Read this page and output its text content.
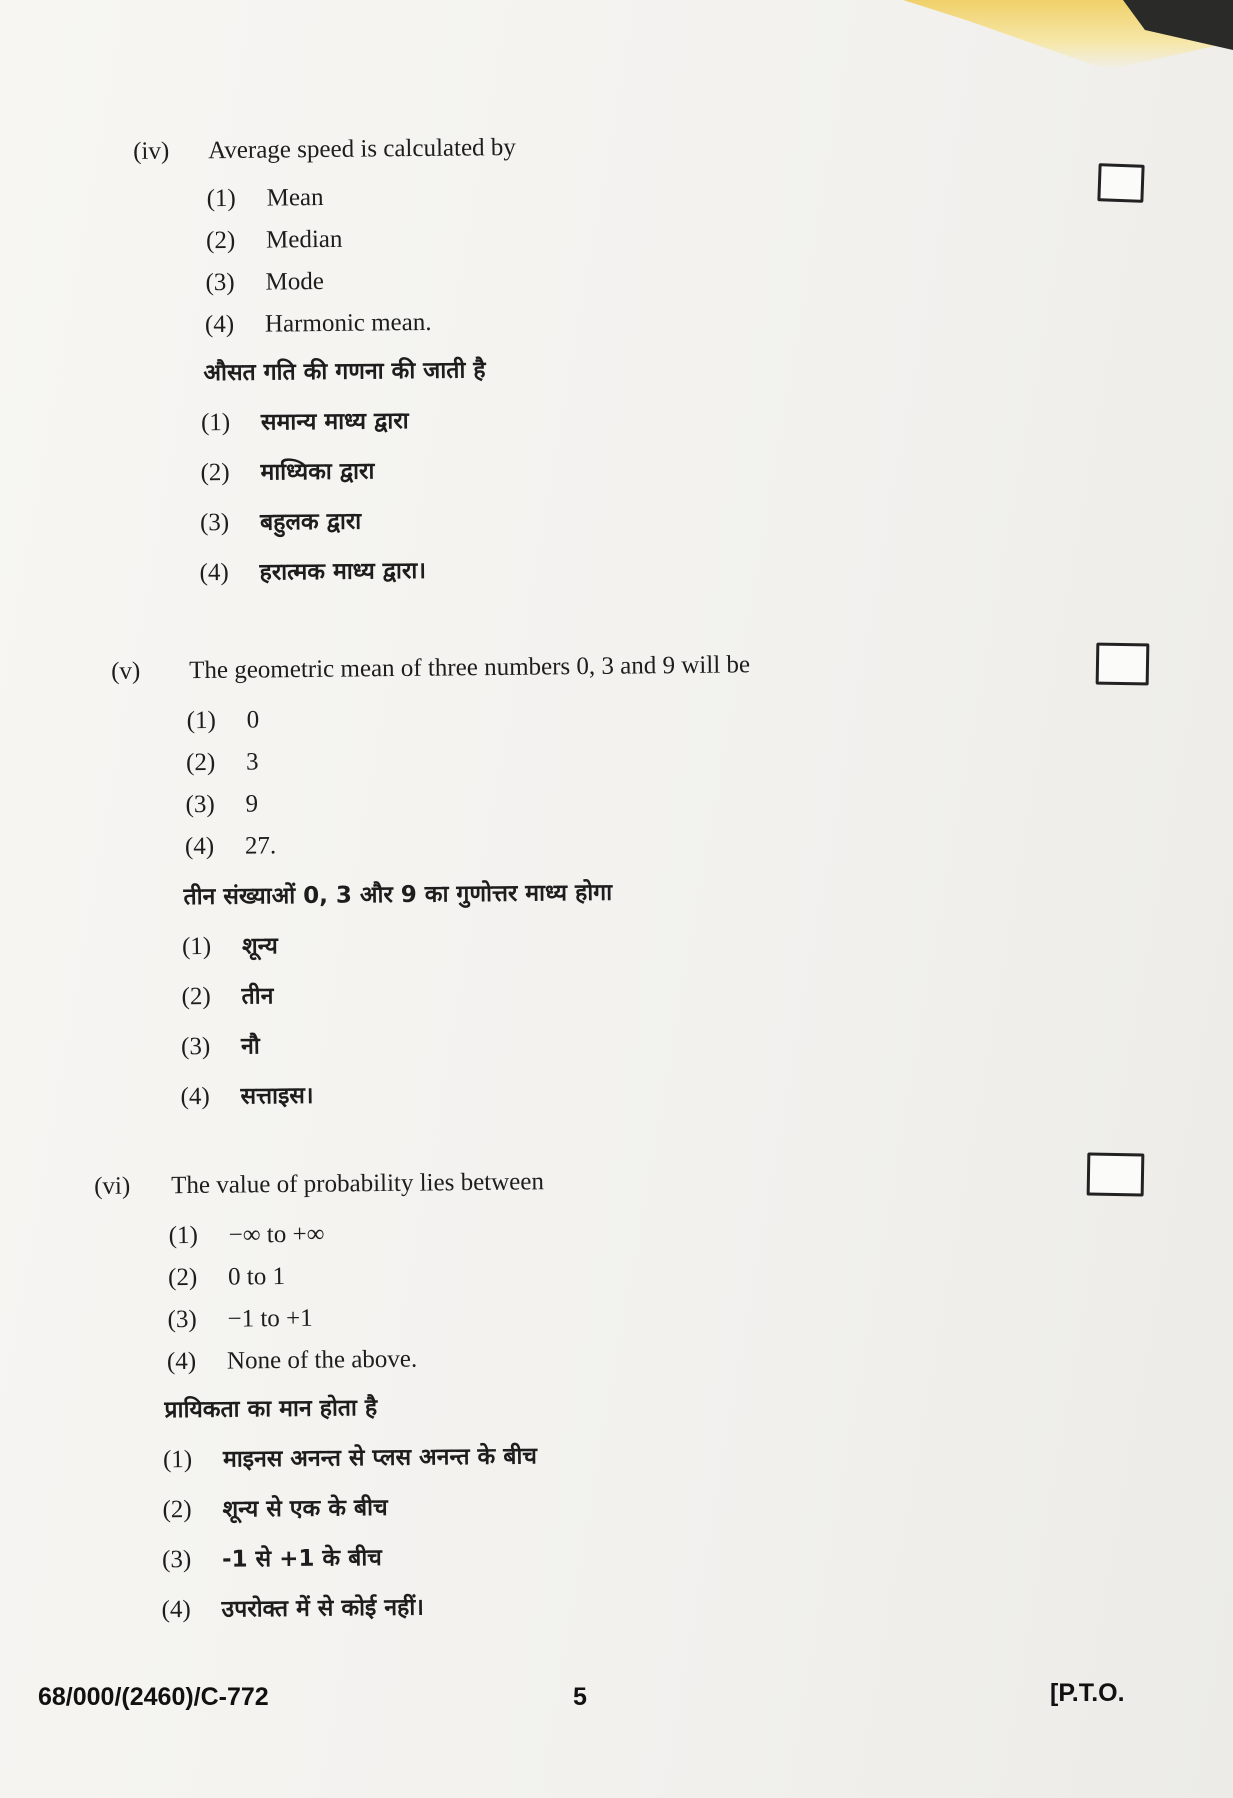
(iv) Average speed is calculated by
(1) Mean
(2) Median
(3) Mode
(4) Harmonic mean.
औसत गति की गणना की जाती है
(1) समान्य माध्य द्वारा
(2) माध्यिका द्वारा
(3) बहुलक द्वारा
(4) हरात्मक माध्य द्वारा।
(v) The geometric mean of three numbers 0, 3 and 9 will be
(1) 0
(2) 3
(3) 9
(4) 27.
तीन संख्याओं 0, 3 और 9 का गुणोत्तर माध्य होगा
(1) शून्य
(2) तीन
(3) नौ
(4) सत्ताइस।
(vi) The value of probability lies between
(1) −∞ to +∞
(2) 0 to 1
(3) −1 to +1
(4) None of the above.
प्रायिकता का मान होता है
(1) माइनस अनन्त से प्लस अनन्त के बीच
(2) शून्य से एक के बीच
(3) -1 से +1 के बीच
(4) उपरोक्त में से कोई नहीं।
68/000/(2460)/C-772	5	[P.T.O.
